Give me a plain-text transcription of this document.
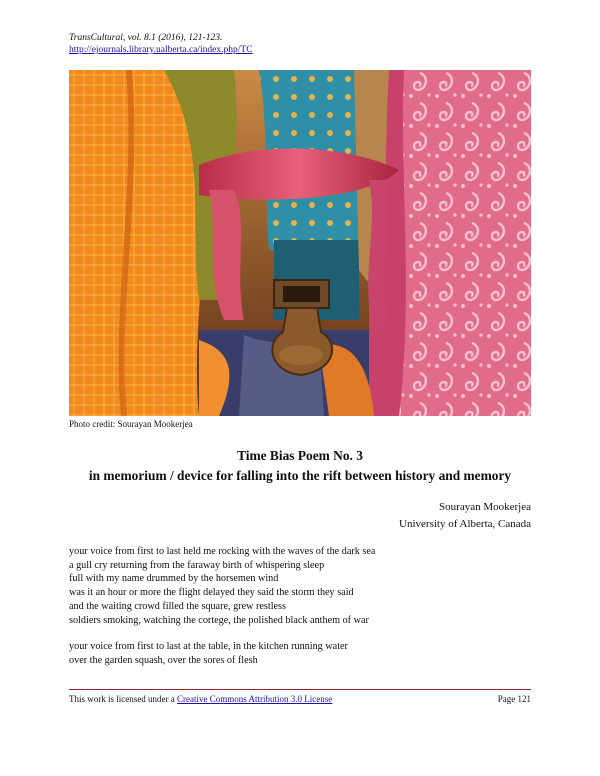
TransCultural, vol. 8.1 (2016), 121-123.
http://ejournals.library.ualberta.ca/index.php/TC
Photo credit: Sourayan Mookerjea
Time Bias Poem No. 3
in memorium / device for falling into the rift between history and memory
Sourayan Mookerjea
University of Alberta, Canada
your voice from first to last held me rocking with the waves of the dark sea
a gull cry returning from the faraway birth of whispering sleep
full with my name drummed by the horsemen wind
was it an hour or more the flight delayed they said the storm they said
and the waiting crowd filled the square, grew restless
soldiers smoking, watching the cortege, the polished black anthem of war
your voice from first to last at the table, in the kitchen running water
over the garden squash, over the sores of flesh
This work is licensed under a Creative Commons Attribution 3.0 License	Page 121
